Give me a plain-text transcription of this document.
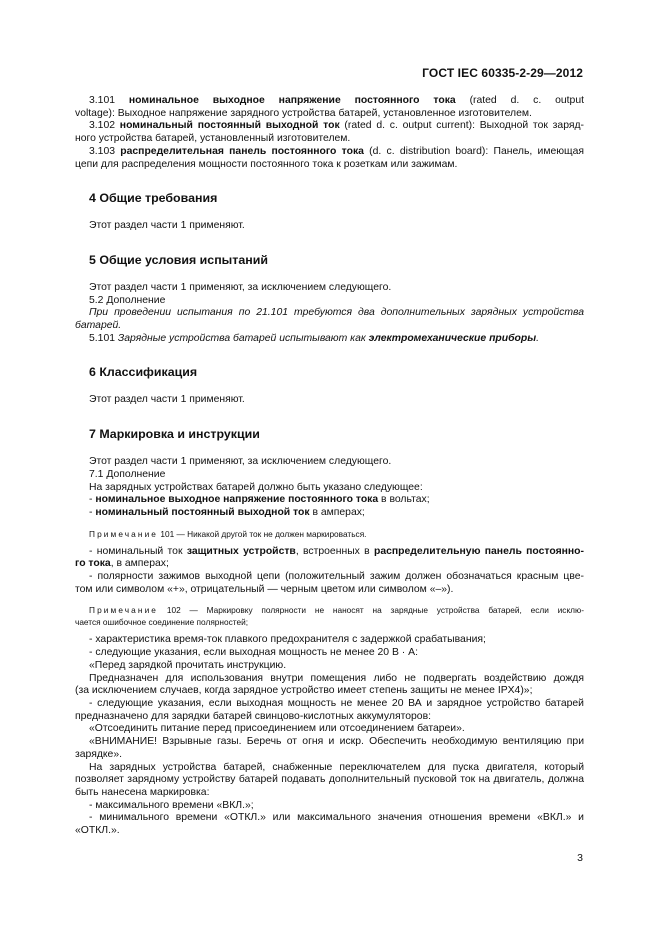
ГОСТ IEC 60335-2-29—2012

3.101 номинальное выходное напряжение постоянного тока (rated d. c. output

voltage): Выходное напряжение зарядного устройства батарей, установленное изготовителем.

3.102 номинальный постоянный выходной ток (rated d. c. output current): Выходной ток заряд-

ного устройства батарей, установленный изготовителем.

3.103 распределительная панель постоянного тока (d. c. distribution board): Панель, имеющая

цепи для распределения мощности постоянного тока к розеткам или зажимам.

4 Общие требования

Этот раздел части 1 применяют.

5 Общие условия испытаний

Этот раздел части 1 применяют, за исключением следующего.

5.2 Дополнение

При проведении испытания по 21.101 требуются два дополнительных зарядных устройства

батарей.

5.101 Зарядные устройства батарей испытывают как электромеханические приборы.

6 Классификация

Этот раздел части 1 применяют.

7 Маркировка и инструкции

Этот раздел части 1 применяют, за исключением следующего.

7.1 Дополнение

На зарядных устройствах батарей должно быть указано следующее:

- номинальное выходное напряжение постоянного тока в вольтах;

- номинальный постоянный выходной ток в амперах;

Примечание 101 — Никакой другой ток не должен маркироваться.

- номинальный ток защитных устройств, встроенных в распределительную панель постоянно-

го тока, в амперах;

- полярности зажимов выходной цепи (положительный зажим должен обозначаться красным цве-

том или символом «+», отрицательный — черным цветом или символом «–»).

Примечание 102 — Маркировку полярности не наносят на зарядные устройства батарей, если исклю-

чается ошибочное соединение полярностей;

- характеристика время-ток плавкого предохранителя с задержкой срабатывания;

- следующие указания, если выходная мощность не менее 20 В · А:

«Перед зарядкой прочитать инструкцию.

Предназначен для использования внутри помещения либо не подвергать воздействию дождя

(за исключением случаев, когда зарядное устройство имеет степень защиты не менее IPX4)»;

- следующие указания, если выходная мощность не менее 20 ВА и зарядное устройство батарей

предназначено для зарядки батарей свинцово-кислотных аккумуляторов:

«Отсоединить питание перед присоединением или отсоединением батареи».

«ВНИМАНИЕ! Взрывные газы. Беречь от огня и искр. Обеспечить необходимую вентиляцию при

зарядке».

На зарядных устройства батарей, снабженные переключателем для пуска двигателя, который

позволяет зарядному устройству батарей подавать дополнительный пусковой ток на двигатель, должна

быть нанесена маркировка:

- максимального времени «ВКЛ.»;

- минимального времени «ОТКЛ.» или максимального значения отношения времени «ВКЛ.» и

«ОТКЛ.».

3
